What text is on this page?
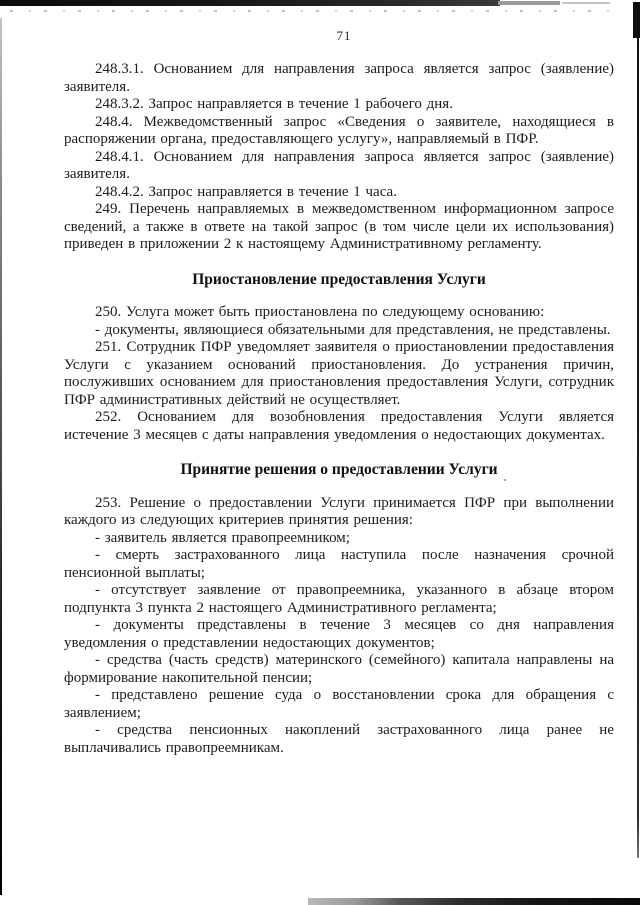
71

248.3.1. Основанием для направления запроса является запрос (заявление) заявителя.

248.3.2. Запрос направляется в течение 1 рабочего дня.

248.4. Межведомственный запрос «Сведения о заявителе, находящиеся в распоряжении органа, предоставляющего услугу», направляемый в ПФР.

248.4.1. Основанием для направления запроса является запрос (заявление) заявителя.

248.4.2. Запрос направляется в течение 1 часа.

249. Перечень направляемых в межведомственном информационном запросе сведений, а также в ответе на такой запрос (в том числе цели их использования) приведен в приложении 2 к настоящему Административному регламенту.

Приостановление предоставления Услуги

250. Услуга может быть приостановлена по следующему основанию:

- документы, являющиеся обязательными для представления, не представлены.

251. Сотрудник ПФР уведомляет заявителя о приостановлении предоставления Услуги с указанием оснований приостановления. До устранения причин, послуживших основанием для приостановления предоставления Услуги, сотрудник ПФР административных действий не осуществляет.

252. Основанием для возобновления предоставления Услуги является истечение 3 месяцев с даты направления уведомления о недостающих документах.

Принятие решения о предоставлении Услуги

253. Решение о предоставлении Услуги принимается ПФР при выполнении каждого из следующих критериев принятия решения:

- заявитель является правопреемником;

- смерть застрахованного лица наступила после назначения срочной пенсионной выплаты;

- отсутствует заявление от правопреемника, указанного в абзаце втором подпункта 3 пункта 2 настоящего Административного регламента;

- документы представлены в течение 3 месяцев со дня направления уведомления о представлении недостающих документов;

- средства (часть средств) материнского (семейного) капитала направлены на формирование накопительной пенсии;

- представлено решение суда о восстановлении срока для обращения с заявлением;

- средства пенсионных накоплений застрахованного лица ранее не выплачивались правопреемникам.
